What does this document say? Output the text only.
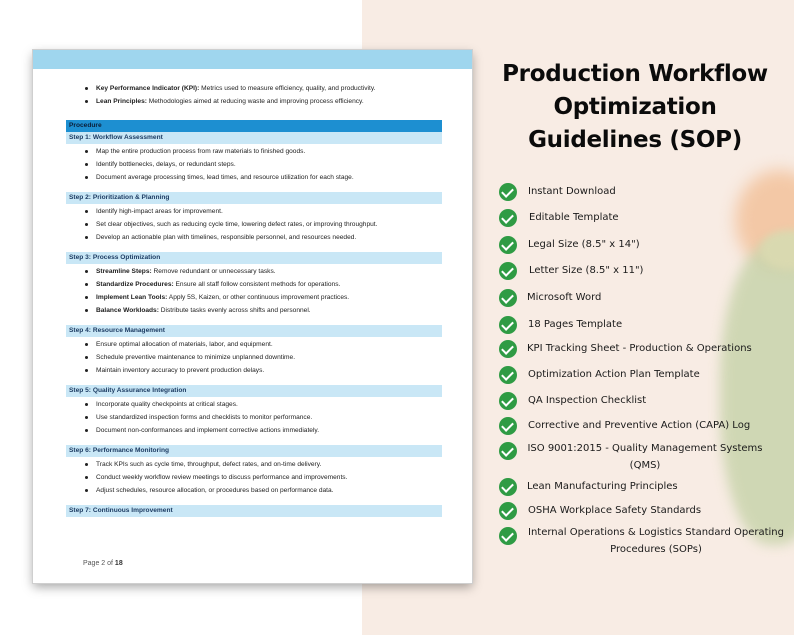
Key Performance Indicator (KPI): Metrics used to measure efficiency, quality, and productivity.
Lean Principles: Methodologies aimed at reducing waste and improving process efficiency.
Procedure
Step 1: Workflow Assessment
Map the entire production process from raw materials to finished goods.
Identify bottlenecks, delays, or redundant steps.
Document average processing times, lead times, and resource utilization for each stage.
Step 2: Prioritization & Planning
Identify high-impact areas for improvement.
Set clear objectives, such as reducing cycle time, lowering defect rates, or improving throughput.
Develop an actionable plan with timelines, responsible personnel, and resources needed.
Step 3: Process Optimization
Streamline Steps: Remove redundant or unnecessary tasks.
Standardize Procedures: Ensure all staff follow consistent methods for operations.
Implement Lean Tools: Apply 5S, Kaizen, or other continuous improvement practices.
Balance Workloads: Distribute tasks evenly across shifts and personnel.
Step 4: Resource Management
Ensure optimal allocation of materials, labor, and equipment.
Schedule preventive maintenance to minimize unplanned downtime.
Maintain inventory accuracy to prevent production delays.
Step 5: Quality Assurance Integration
Incorporate quality checkpoints at critical stages.
Use standardized inspection forms and checklists to monitor performance.
Document non-conformances and implement corrective actions immediately.
Step 6: Performance Monitoring
Track KPIs such as cycle time, throughput, defect rates, and on-time delivery.
Conduct weekly workflow review meetings to discuss performance and improvements.
Adjust schedules, resource allocation, or procedures based on performance data.
Step 7: Continuous Improvement
Page 2 of 18
Production Workflow
Optimization
Guidelines (SOP)
Instant Download
Editable Template
Legal Size (8.5" x 14")
Letter Size (8.5" x 11")
Microsoft Word
18 Pages Template
KPI Tracking Sheet - Production & Operations
Optimization Action Plan Template
QA Inspection Checklist
Corrective and Preventive Action (CAPA) Log
ISO 9001:2015 - Quality Management Systems (QMS)
Lean Manufacturing Principles
OSHA Workplace Safety Standards
Internal Operations & Logistics Standard Operating Procedures (SOPs)
